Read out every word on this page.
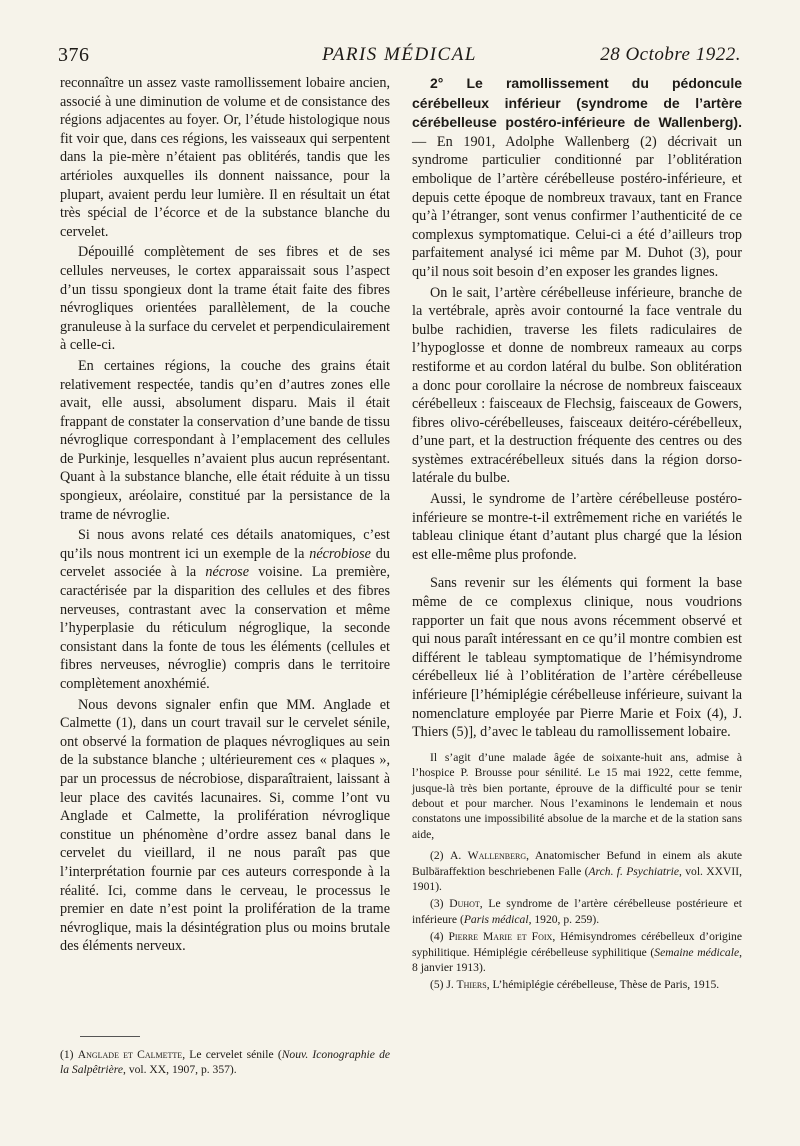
376	PARIS MÉDICAL	28 Octobre 1922.

reconnaître un assez vaste ramollissement lobaire ancien, associé à une diminution de volume et de consistance des régions adjacentes au foyer. Or, l’étude histologique nous fit voir que, dans ces régions, les vaisseaux qui serpentent dans la pie-mère n’étaient pas oblitérés, tandis que les artérioles auxquelles ils donnent naissance, pour la plupart, avaient perdu leur lumière. Il en résultait un état très spécial de l’écorce et de la substance blanche du cervelet.

Dépouillé complètement de ses fibres et de ses cellules nerveuses, le cortex apparaissait sous l’aspect d’un tissu spongieux dont la trame était faite des fibres névrogliques orientées parallèlement, de la couche granuleuse à la surface du cervelet et perpendiculairement à celle-ci.

En certaines régions, la couche des grains était relativement respectée, tandis qu’en d’autres zones elle avait, elle aussi, absolument disparu. Mais il était frappant de constater la conservation d’une bande de tissu névroglique correspondant à l’emplacement des cellules de Purkinje, lesquelles n’avaient plus aucun représentant. Quant à la substance blanche, elle était réduite à un tissu spongieux, aréolaire, constitué par la persistance de la trame de névroglie.

Si nous avons relaté ces détails anatomiques, c’est qu’ils nous montrent ici un exemple de la nécrobiose du cervelet associée à la nécrose voisine. La première, caractérisée par la disparition des cellules et des fibres nerveuses, contrastant avec la conservation et même l’hyperplasie du réticulum négroglique, la seconde consistant dans la fonte de tous les éléments (cellules et fibres nerveuses, névroglie) compris dans le territoire complètement anoxhémié.

Nous devons signaler enfin que MM. Anglade et Calmette (1), dans un court travail sur le cervelet sénile, ont observé la formation de plaques névrogliques au sein de la substance blanche ; ultérieurement ces « plaques », par un processus de nécrobiose, disparaîtraient, laissant à leur place des cavités lacunaires. Si, comme l’ont vu Anglade et Calmette, la prolifération névroglique constitue un phénomène d’ordre assez banal dans le cervelet du vieillard, il ne nous paraît pas que l’interprétation fournie par ces auteurs corresponde à la réalité. Ici, comme dans le cerveau, le processus le premier en date n’est point la prolifération de la trame névroglique, mais la désintégration plus ou moins brutale des éléments nerveux.

(1) Anglade et Calmette, Le cervelet sénile (Nouv. Iconographie de la Salpêtrière, vol. XX, 1907, p. 357).

2° Le ramollissement du pédoncule cérébelleux inférieur (syndrome de l’artère cérébelleuse postéro-inférieure de Wallenberg). — En 1901, Adolphe Wallenberg (2) décrivait un syndrome particulier conditionné par l’oblitération embolique de l’artère cérébelleuse postéro-inférieure, et depuis cette époque de nombreux travaux, tant en France qu’à l’étranger, sont venus confirmer l’authenticité de ce complexus symptomatique. Celui-ci a été d’ailleurs trop parfaitement analysé ici même par M. Duhot (3), pour qu’il nous soit besoin d’en exposer les grandes lignes.

On le sait, l’artère cérébelleuse inférieure, branche de la vertébrale, après avoir contourné la face ventrale du bulbe rachidien, traverse les filets radiculaires de l’hypoglosse et donne de nombreux rameaux au corps restiforme et au cordon latéral du bulbe. Son oblitération a donc pour corollaire la nécrose de nombreux faisceaux cérébelleux : faisceaux de Flechsig, faisceaux de Gowers, fibres olivo-cérébelleuses, faisceaux deitéro-cérébelleux, d’une part, et la destruction fréquente des centres ou des systèmes extracérébelleux situés dans la région dorso-latérale du bulbe.

Aussi, le syndrome de l’artère cérébelleuse postéro-inférieure se montre-t-il extrêmement riche en variétés le tableau clinique étant d’autant plus chargé que la lésion est elle-même plus profonde.

Sans revenir sur les éléments qui forment la base même de ce complexus clinique, nous voudrions rapporter un fait que nous avons récemment observé et qui nous paraît intéressant en ce qu’il montre combien est différent le tableau symptomatique de l’hémisyndrome cérébelleux lié à l’oblitération de l’artère cérébelleuse inférieure [l’hémiplégie cérébelleuse inférieure, suivant la nomenclature employée par Pierre Marie et Foix (4), J. Thiers (5)], d’avec le tableau du ramollissement lobaire.

Il s’agit d’une malade âgée de soixante-huit ans, admise à l’hospice P. Brousse pour sénilité. Le 15 mai 1922, cette femme, jusque-là très bien portante, éprouve de la difficulté pour se tenir debout et pour marcher. Nous l’examinons le lendemain et nous constatons une impossibilité absolue de la marche et de la station sans aide,

(2) A. Wallenberg, Anatomischer Befund in einem als akute Bulbäraffektion beschriebenen Falle (Arch. f. Psychiatrie, vol. XXVII, 1901).

(3) Duhot, Le syndrome de l’artère cérébelleuse postérieure et inférieure (Paris médical, 1920, p. 259).

(4) Pierre Marie et Foix, Hémisyndromes cérébelleux d’origine syphilitique. Hémiplégie cérébelleuse syphilitique (Semaine médicale, 8 janvier 1913).

(5) J. Thiers, L’hémiplégie cérébelleuse, Thèse de Paris, 1915.
